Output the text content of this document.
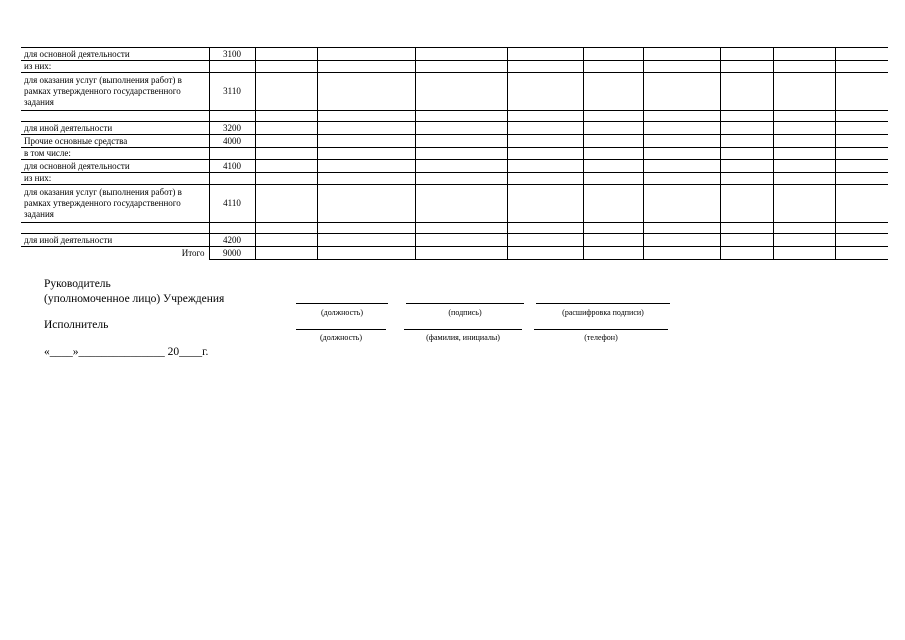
для основной деятельности	3100									
из них:										
для оказания услуг (выполнения работ) в рамках утвержденного государственного задания	3110									

для иной деятельности	3200									
Прочие основные средства	4000									
в том числе:										
для основной деятельности	4100									
из них:										
для оказания услуг (выполнения работ) в рамках утвержденного государственного задания	4110									

для иной деятельности	4200									
Итого	9000									
Руководитель
(уполномоченное лицо) Учреждения
(должность)	(подпись)	(расшифровка подписи)
Исполнитель
(должность)	(фамилия, инициалы)	(телефон)
«____»_______________ 20____г.
